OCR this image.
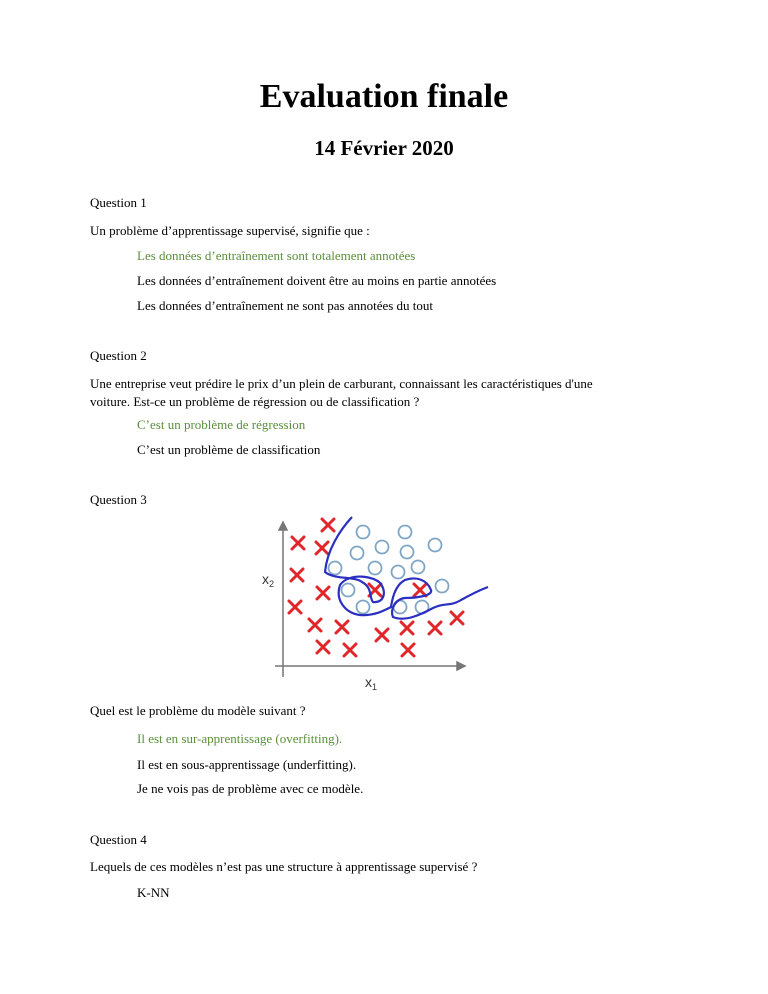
Evaluation finale
14 Février 2020
Question 1
Un problème d’apprentissage supervisé, signifie que :
Les données d’entraînement sont totalement annotées
Les données d’entraînement doivent être au moins en partie annotées
Les données d’entraînement ne sont pas annotées du tout
Question 2
Une entreprise veut prédire le prix d’un plein de carburant, connaissant les caractéristiques d'une
voiture. Est-ce un problème de régression ou de classification ?
C’est un problème de régression
C’est un problème de classification
Question 3
$x_2$
$x_1$
Quel est le problème du modèle suivant ?
Il est en sur-apprentissage (overfitting).
Il est en sous-apprentissage (underfitting).
Je ne vois pas de problème avec ce modèle.
Question 4
Lequels de ces modèles n’est pas une structure à apprentissage supervisé ?
K-NN
